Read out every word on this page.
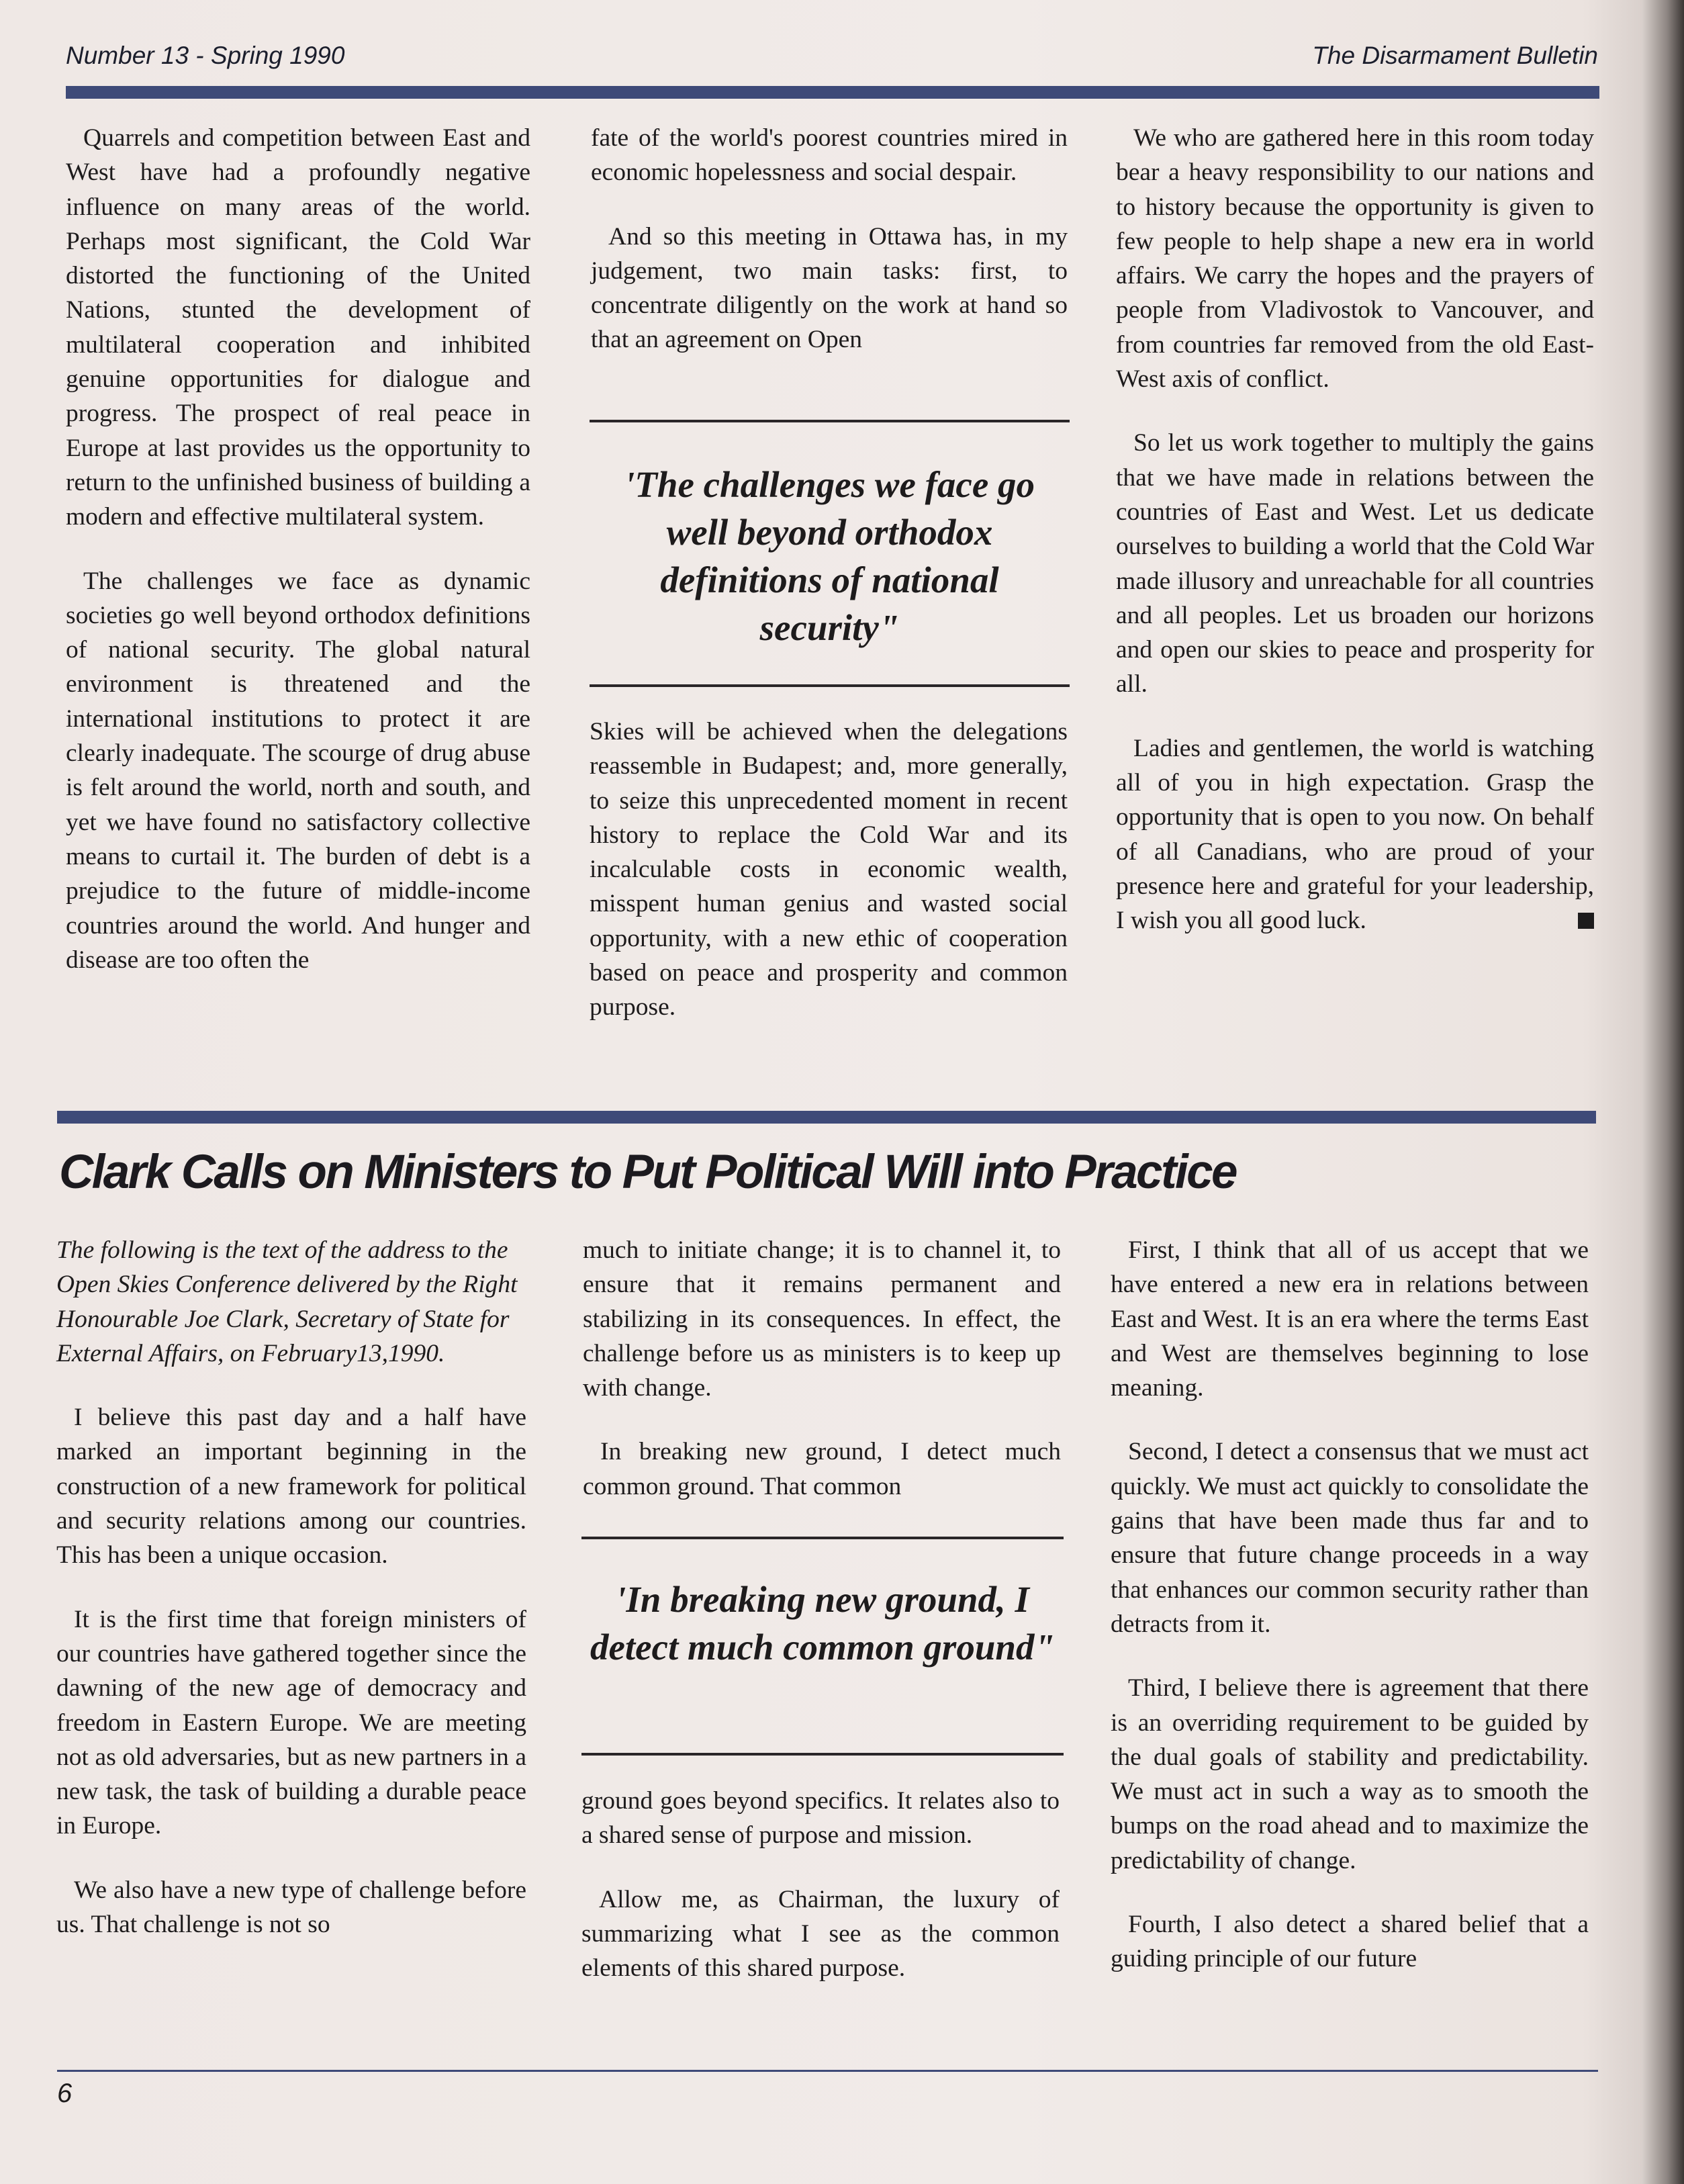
Number 13 - Spring 1990	The Disarmament Bulletin

Quarrels and competition between East and West have had a profoundly negative influence on many areas of the world. Perhaps most significant, the Cold War distorted the functioning of the United Nations, stunted the development of multilateral cooperation and inhibited genuine opportunities for dialogue and progress. The prospect of real peace in Europe at last provides us the opportunity to return to the unfinished business of building a modern and effective multilateral system.

The challenges we face as dynamic societies go well beyond orthodox definitions of national security. The global natural environment is threatened and the international institutions to protect it are clearly inadequate. The scourge of drug abuse is felt around the world, north and south, and yet we have found no satisfactory collective means to curtail it. The burden of debt is a prejudice to the future of middle-income countries around the world. And hunger and disease are too often the

fate of the world's poorest countries mired in economic hopelessness and social despair.

And so this meeting in Ottawa has, in my judgement, two main tasks: first, to concentrate diligently on the work at hand so that an agreement on Open

'The challenges we face go well beyond orthodox definitions of national security"

Skies will be achieved when the delegations reassemble in Budapest; and, more generally, to seize this unprecedented moment in recent history to replace the Cold War and its incalculable costs in economic wealth, misspent human genius and wasted social opportunity, with a new ethic of cooperation based on peace and prosperity and common purpose.

We who are gathered here in this room today bear a heavy responsibility to our nations and to history because the opportunity is given to few people to help shape a new era in world affairs. We carry the hopes and the prayers of people from Vladivostok to Vancouver, and from countries far removed from the old East-West axis of conflict.

So let us work together to multiply the gains that we have made in relations between the countries of East and West. Let us dedicate ourselves to building a world that the Cold War made illusory and unreachable for all countries and all peoples. Let us broaden our horizons and open our skies to peace and prosperity for all.

Ladies and gentlemen, the world is watching all of you in high expectation. Grasp the opportunity that is open to you now. On behalf of all Canadians, who are proud of your presence here and grateful for your leadership, I wish you all good luck.

Clark Calls on Ministers to Put Political Will into Practice

The following is the text of the address to the Open Skies Conference delivered by the Right Honourable Joe Clark, Secretary of State for External Affairs, on February13,1990.

I believe this past day and a half have marked an important beginning in the construction of a new framework for political and security relations among our countries. This has been a unique occasion.

It is the first time that foreign ministers of our countries have gathered together since the dawning of the new age of democracy and freedom in Eastern Europe. We are meeting not as old adversaries, but as new partners in a new task, the task of building a durable peace in Europe.

We also have a new type of challenge before us. That challenge is not so

much to initiate change; it is to channel it, to ensure that it remains permanent and stabilizing in its consequences. In effect, the challenge before us as ministers is to keep up with change.

In breaking new ground, I detect much common ground. That common

'In breaking new ground, I detect much common ground"

ground goes beyond specifics. It relates also to a shared sense of purpose and mission.

Allow me, as Chairman, the luxury of summarizing what I see as the common elements of this shared purpose.

First, I think that all of us accept that we have entered a new era in relations between East and West. It is an era where the terms East and West are themselves beginning to lose meaning.

Second, I detect a consensus that we must act quickly. We must act quickly to consolidate the gains that have been made thus far and to ensure that future change proceeds in a way that enhances our common security rather than detracts from it.

Third, I believe there is agreement that there is an overriding requirement to be guided by the dual goals of stability and predictability. We must act in such a way as to smooth the bumps on the road ahead and to maximize the predictability of change.

Fourth, I also detect a shared belief that a guiding principle of our future

6
